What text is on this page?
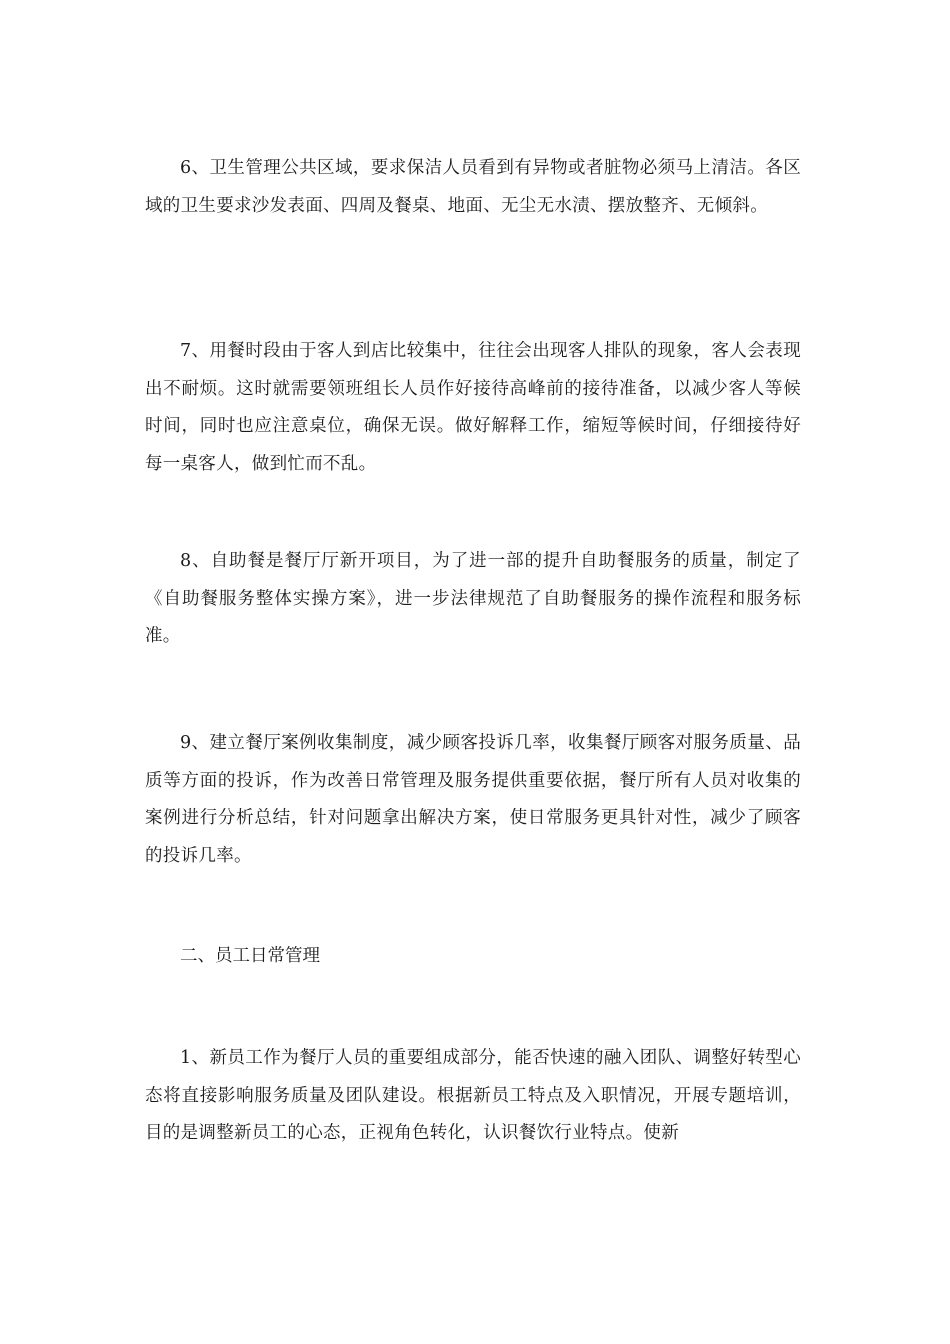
6、卫生管理公共区域，要求保洁人员看到有异物或者脏物必须马上清洁。各区域的卫生要求沙发表面、四周及餐桌、地面、无尘无水渍、摆放整齐、无倾斜。

7、用餐时段由于客人到店比较集中，往往会出现客人排队的现象，客人会表现出不耐烦。这时就需要领班组长人员作好接待高峰前的接待准备，以减少客人等候时间，同时也应注意桌位，确保无误。做好解释工作，缩短等候时间，仔细接待好每一桌客人，做到忙而不乱。

8、自助餐是餐厅厅新开项目，为了进一部的提升自助餐服务的质量，制定了《自助餐服务整体实操方案》，进一步法律规范了自助餐服务的操作流程和服务标准。

9、建立餐厅案例收集制度，减少顾客投诉几率，收集餐厅顾客对服务质量、品质等方面的投诉，作为改善日常管理及服务提供重要依据，餐厅所有人员对收集的案例进行分析总结，针对问题拿出解决方案，使日常服务更具针对性，减少了顾客的投诉几率。

二、员工日常管理

1、新员工作为餐厅人员的重要组成部分，能否快速的融入团队、调整好转型心态将直接影响服务质量及团队建设。根据新员工特点及入职情况，开展专题培训，目的是调整新员工的心态，正视角色转化，认识餐饮行业特点。使新
